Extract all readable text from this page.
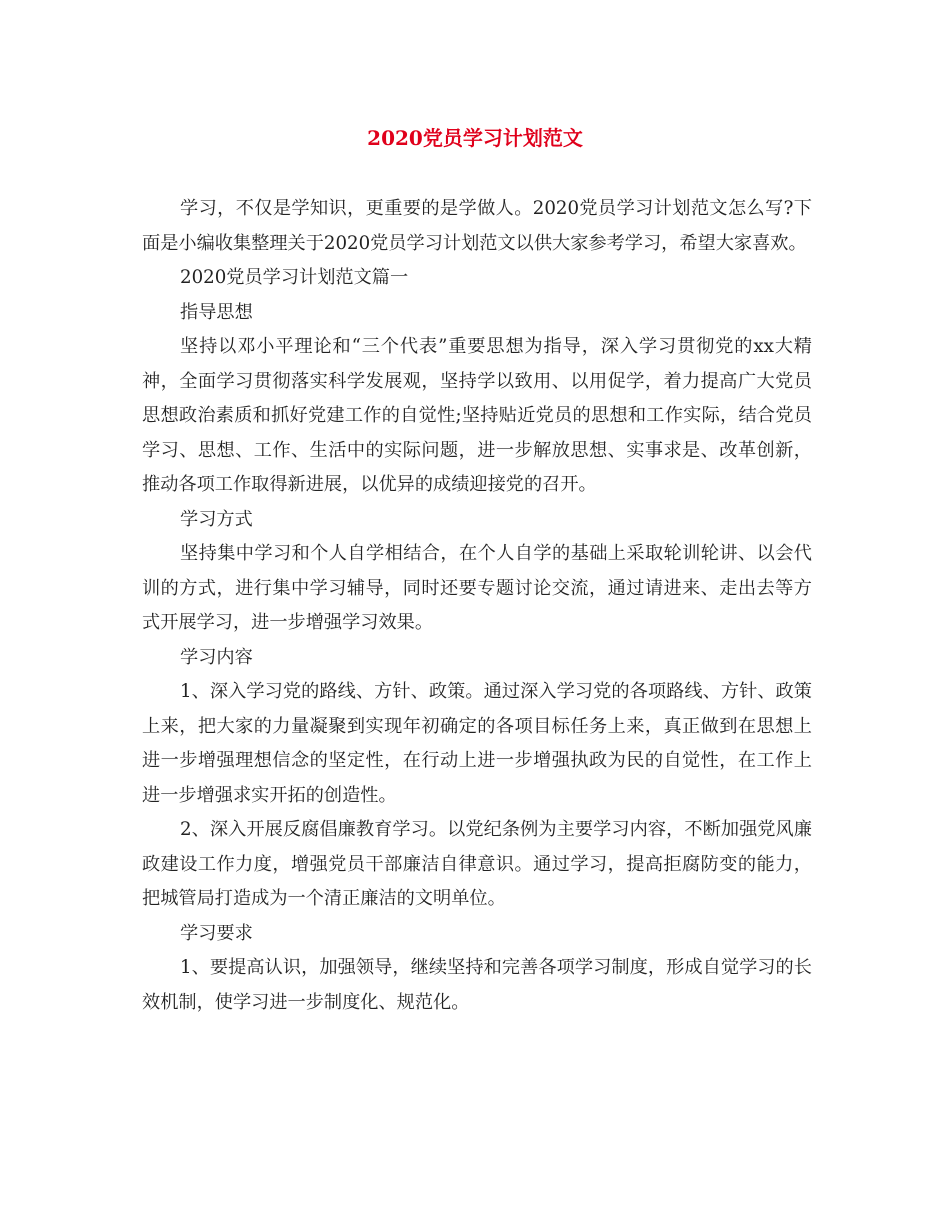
2020党员学习计划范文

学习，不仅是学知识，更重要的是学做人。2020党员学习计划范文怎么写?下面是小编收集整理关于2020党员学习计划范文以供大家参考学习，希望大家喜欢。

2020党员学习计划范文篇一

指导思想

坚持以邓小平理论和“三个代表”重要思想为指导，深入学习贯彻党的xx大精神，全面学习贯彻落实科学发展观，坚持学以致用、以用促学，着力提高广大党员思想政治素质和抓好党建工作的自觉性;坚持贴近党员的思想和工作实际，结合党员学习、思想、工作、生活中的实际问题，进一步解放思想、实事求是、改革创新，推动各项工作取得新进展，以优异的成绩迎接党的召开。

学习方式

坚持集中学习和个人自学相结合，在个人自学的基础上采取轮训轮讲、以会代训的方式，进行集中学习辅导，同时还要专题讨论交流，通过请进来、走出去等方式开展学习，进一步增强学习效果。

学习内容

1、深入学习党的路线、方针、政策。通过深入学习党的各项路线、方针、政策上来，把大家的力量凝聚到实现年初确定的各项目标任务上来，真正做到在思想上进一步增强理想信念的坚定性，在行动上进一步增强执政为民的自觉性，在工作上进一步增强求实开拓的创造性。

2、深入开展反腐倡廉教育学习。以党纪条例为主要学习内容，不断加强党风廉政建设工作力度，增强党员干部廉洁自律意识。通过学习，提高拒腐防变的能力，把城管局打造成为一个清正廉洁的文明单位。

学习要求

1、要提高认识，加强领导，继续坚持和完善各项学习制度，形成自觉学习的长效机制，使学习进一步制度化、规范化。
